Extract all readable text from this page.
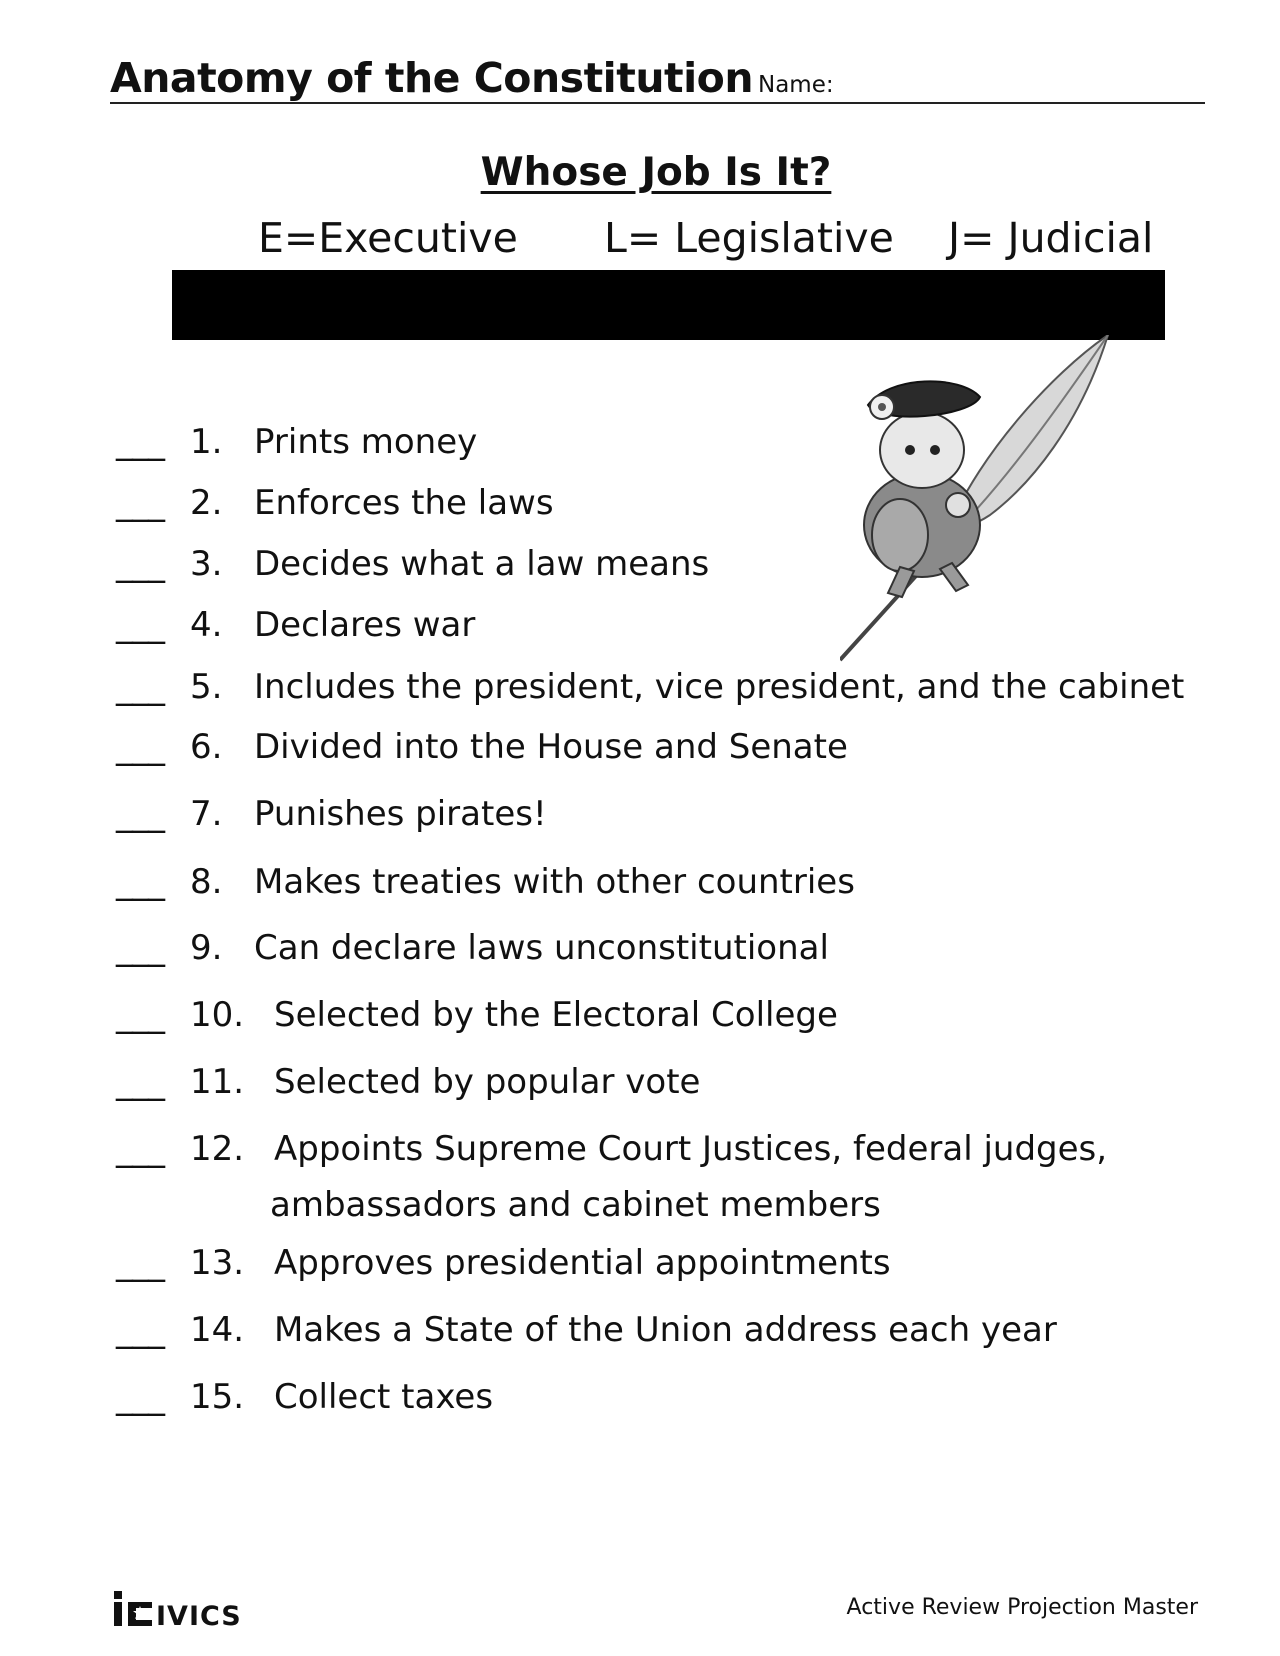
Anatomy of the Constitution Name:
Whose Job Is It?
E=Executive L= Legislative J= Judicial
___ 1. Prints money
___ 2. Enforces the laws
___ 3. Decides what a law means
___ 4. Declares war
___ 5. Includes the president, vice president, and the cabinet
___ 6. Divided into the House and Senate
___ 7. Punishes pirates!
___ 8. Makes treaties with other countries
___ 9. Can declare laws unconstitutional
___ 10. Selected by the Electoral College
___ 11. Selected by popular vote
___ 12. Appoints Supreme Court Justices, federal judges,
ambassadors and cabinet members
___ 13. Approves presidential appointments
___ 14. Makes a State of the Union address each year
___ 15. Collect taxes
IVICS	Active Review Projection Master
